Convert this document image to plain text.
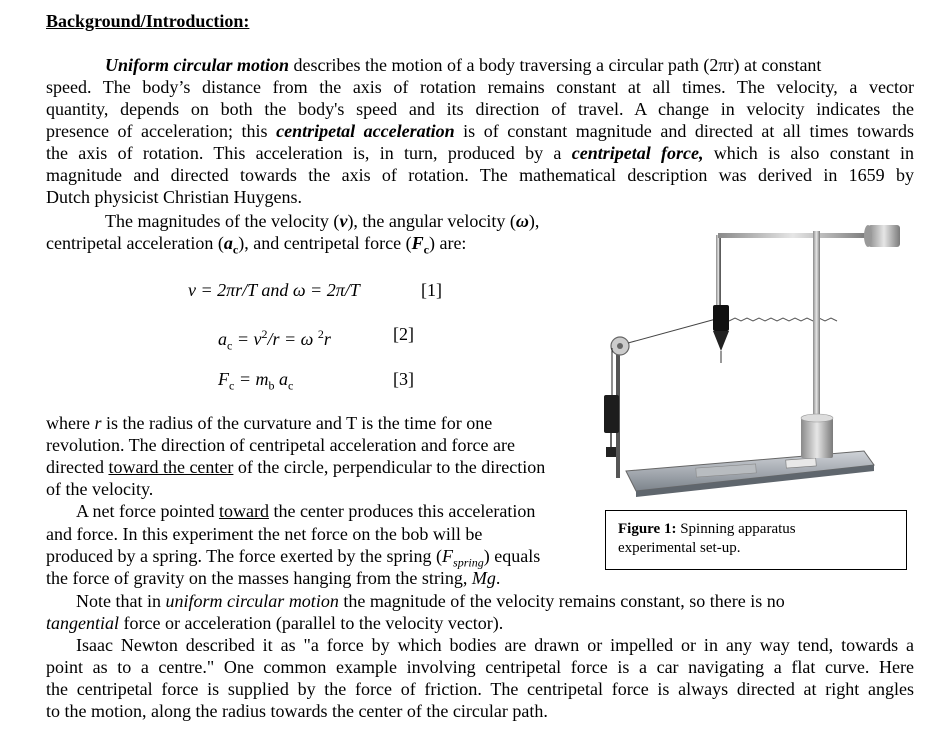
Background/Introduction:
Uniform circular motion describes the motion of a body traversing a circular path (2πr) at constant
speed. The body’s distance from the axis of rotation remains constant at all times. The velocity, a vector
quantity, depends on both the body's speed and its direction of travel. A change in velocity indicates the
presence of acceleration; this centripetal acceleration is of constant magnitude and directed at all times towards
the axis of rotation. This acceleration is, in turn, produced by a centripetal force, which is also constant in
magnitude and directed towards the axis of rotation. The mathematical description was derived in 1659 by
Dutch physicist Christian Huygens.
The magnitudes of the velocity (v), the angular velocity (ω),
centripetal acceleration $(a_c)$, and centripetal force $(F_c)$ are:
v = 2πr/T and ω = 2π/T	[1]
$a_c = v^2/r = \omega$ $^2$r	[2]
$F_c = m_b$ $a_c$	[3]
where r is the radius of the curvature and T is the time for one
revolution. The direction of centripetal acceleration and force are
directed toward the center of the circle, perpendicular to the direction
of the velocity.
A net force pointed toward the center produces this acceleration
and force. In this experiment the net force on the bob will be
produced by a spring. The force exerted by the spring $(F_{spring})$ equals
the force of gravity on the masses hanging from the string, Mg.
Note that in uniform circular motion the magnitude of the velocity remains constant, so there is no
tangential force or acceleration (parallel to the velocity vector).
Isaac Newton described it as "a force by which bodies are drawn or impelled or in any way tend, towards a
point as to a centre." One common example involving centripetal force is a car navigating a flat curve. Here
the centripetal force is supplied by the force of friction. The centripetal force is always directed at right angles
to the motion, along the radius towards the center of the circular path.
Figure 1: Spinning apparatus
experimental set-up.
